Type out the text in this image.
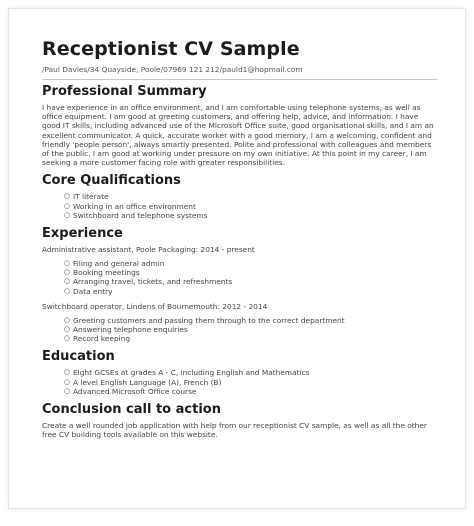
Receptionist CV Sample
/Paul Davies/34 Quayside, Poole/07969 121 212/pauld1@hopmail.com
Professional Summary

I have experience in an office environment, and I am comfortable using telephone systems, as well as office equipment. I am good at greeting customers, and offering help, advice, and information. I have good IT skills, including advanced use of the Microsoft Office suite, good organisational skills, and I am an excellent communicator. A quick, accurate worker with a good memory, I am a welcoming, confident and friendly 'people person', always smartly presented. Polite and professional with colleagues and members of the public, I am good at working under pressure on my own initiative. At this point in my career, I am seeking a more customer facing role with greater responsibilities.

Core Qualifications
○ IT literate
○ Working in an office environment
○ Switchboard and telephone systems
Experience
Administrative assistant, Poole Packaging: 2014 - present
○ Filing and general admin
○ Booking meetings
○ Arranging travel, tickets, and refreshments
○ Data entry
Switchboard operator, Lindens of Bournemouth: 2012 - 2014
○ Greeting customers and passing them through to the correct department
○ Answering telephone enquiries
○ Record keeping
Education
○ Eight GCSEs at grades A - C, including English and Mathematics
○ A level English Language (A), French (B)
○ Advanced Microsoft Office course
Conclusion call to action

Create a well rounded job application with help from our receptionist CV sample, as well as all the other free CV building tools available on this website.
